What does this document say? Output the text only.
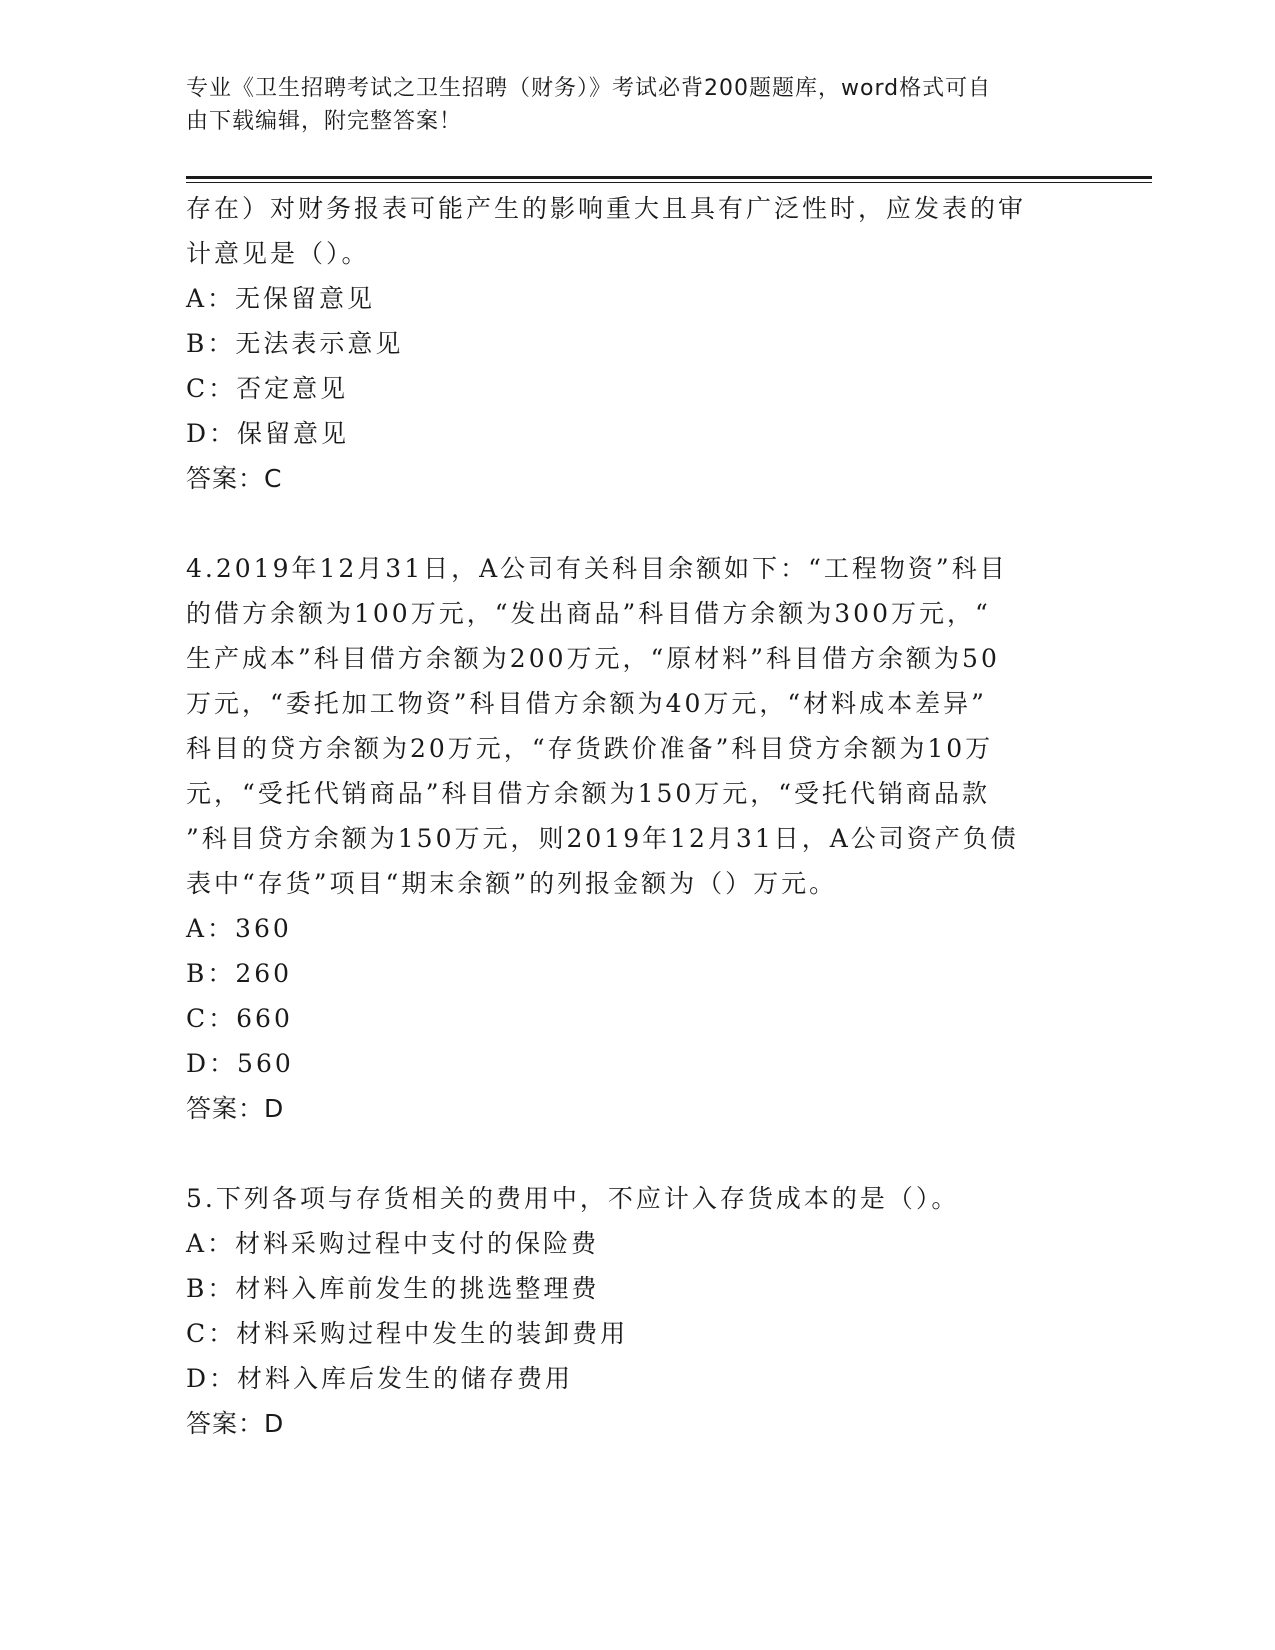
专业《卫生招聘考试之卫生招聘（财务）》考试必背200题题库，word格式可自
由下载编辑，附完整答案！
存在）对财务报表可能产生的影响重大且具有广泛性时，应发表的审
计意见是（）。
A：无保留意见
B：无法表示意见
C：否定意见
D：保留意见
答案：C
4.2019年12月31日，A公司有关科目余额如下：“工程物资”科目
的借方余额为100万元，“发出商品”科目借方余额为300万元，“
生产成本”科目借方余额为200万元，“原材料”科目借方余额为50
万元，“委托加工物资”科目借方余额为40万元，“材料成本差异”
科目的贷方余额为20万元，“存货跌价准备”科目贷方余额为10万
元，“受托代销商品”科目借方余额为150万元，“受托代销商品款
”科目贷方余额为150万元，则2019年12月31日，A公司资产负债
表中“存货”项目“期末余额”的列报金额为（）万元。
A：360
B：260
C：660
D：560
答案：D
5.下列各项与存货相关的费用中，不应计入存货成本的是（）。
A：材料采购过程中支付的保险费
B：材料入库前发生的挑选整理费
C：材料采购过程中发生的装卸费用
D：材料入库后发生的储存费用
答案：D
